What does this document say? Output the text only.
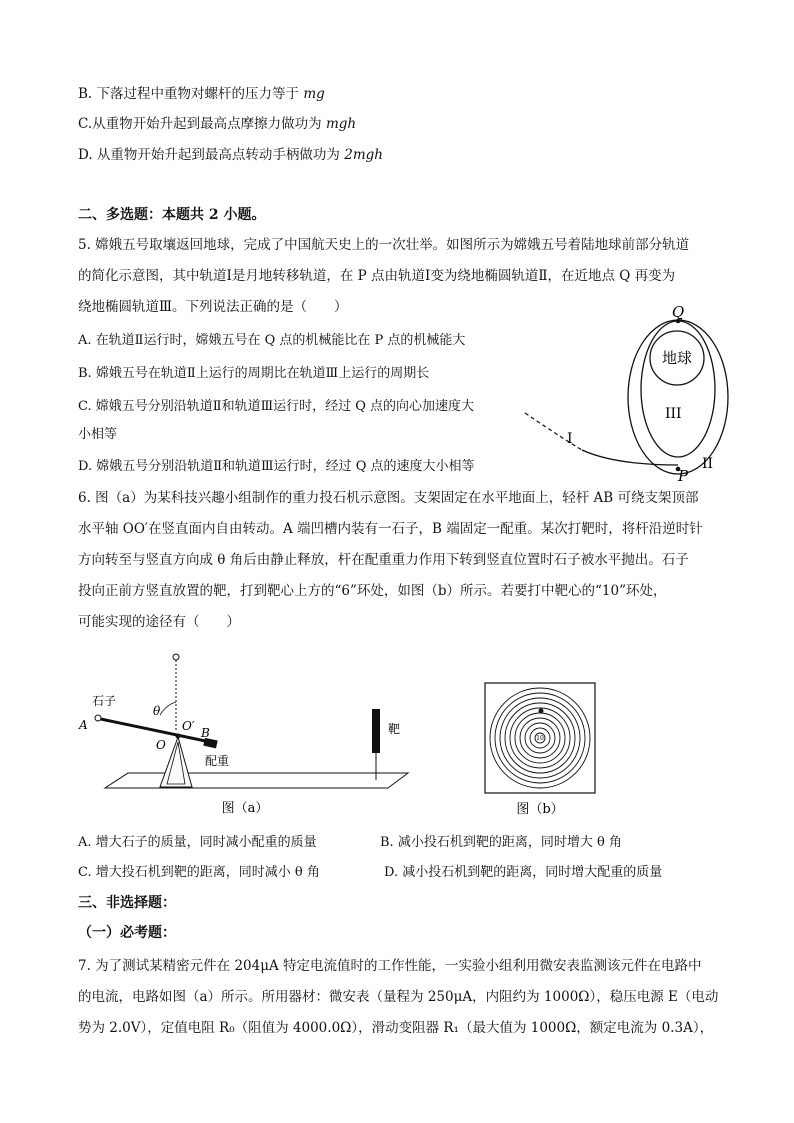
B. 下落过程中重物对螺杆的压力等于 mg
C.从重物开始升起到最高点摩擦力做功为 mgh
D. 从重物开始升起到最高点转动手柄做功为 2mgh
二、多选题：本题共 2 小题。
5. 嫦娥五号取壤返回地球，完成了中国航天史上的一次壮举。如图所示为嫦娥五号着陆地球前部分轨道
的简化示意图，其中轨道Ⅰ是月地转移轨道，在 P 点由轨道Ⅰ变为绕地椭圆轨道Ⅱ，在近地点 Q 再变为
绕地椭圆轨道Ⅲ。下列说法正确的是（　　）
A. 在轨道Ⅱ运行时，嫦娥五号在 Q 点的机械能比在 P 点的机械能大
B. 嫦娥五号在轨道Ⅱ上运行的周期比在轨道Ⅲ上运行的周期长
C. 嫦娥五号分别沿轨道Ⅱ和轨道Ⅲ运行时，经过 Q 点的向心加速度大
小相等
D. 嫦娥五号分别沿轨道Ⅱ和轨道Ⅲ运行时，经过 Q 点的速度大小相等
地球
Q
P
I
II
III
6. 图（a）为某科技兴趣小组制作的重力投石机示意图。支架固定在水平地面上，轻杆 AB 可绕支架顶部
水平轴 OO′在竖直面内自由转动。A 端凹槽内装有一石子，B 端固定一配重。某次打靶时，将杆沿逆时针
方向转至与竖直方向成 θ 角后由静止释放，杆在配重重力作用下转到竖直位置时石子被水平抛出。石子
投向正前方竖直放置的靶，打到靶心上方的“6”环处，如图（b）所示。若要打中靶心的“10”环处，
可能实现的途径有（　　）
石子
A
B
O
O′
θ
配重
靶
图（a）
10
图（b）
A. 增大石子的质量，同时减小配重的质量	B. 减小投石机到靶的距离，同时增大 θ 角
C. 增大投石机到靶的距离，同时减小 θ 角	D. 减小投石机到靶的距离，同时增大配重的质量
三、非选择题：
（一）必考题：
7. 为了测试某精密元件在 204μA 特定电流值时的工作性能，一实验小组利用微安表监测该元件在电路中
的电流，电路如图（a）所示。所用器材：微安表（量程为 250μA，内阻约为 1000Ω），稳压电源 E（电动
势为 2.0V），定值电阻 R₀（阻值为 4000.0Ω），滑动变阻器 R₁（最大值为 1000Ω，额定电流为 0.3A），
